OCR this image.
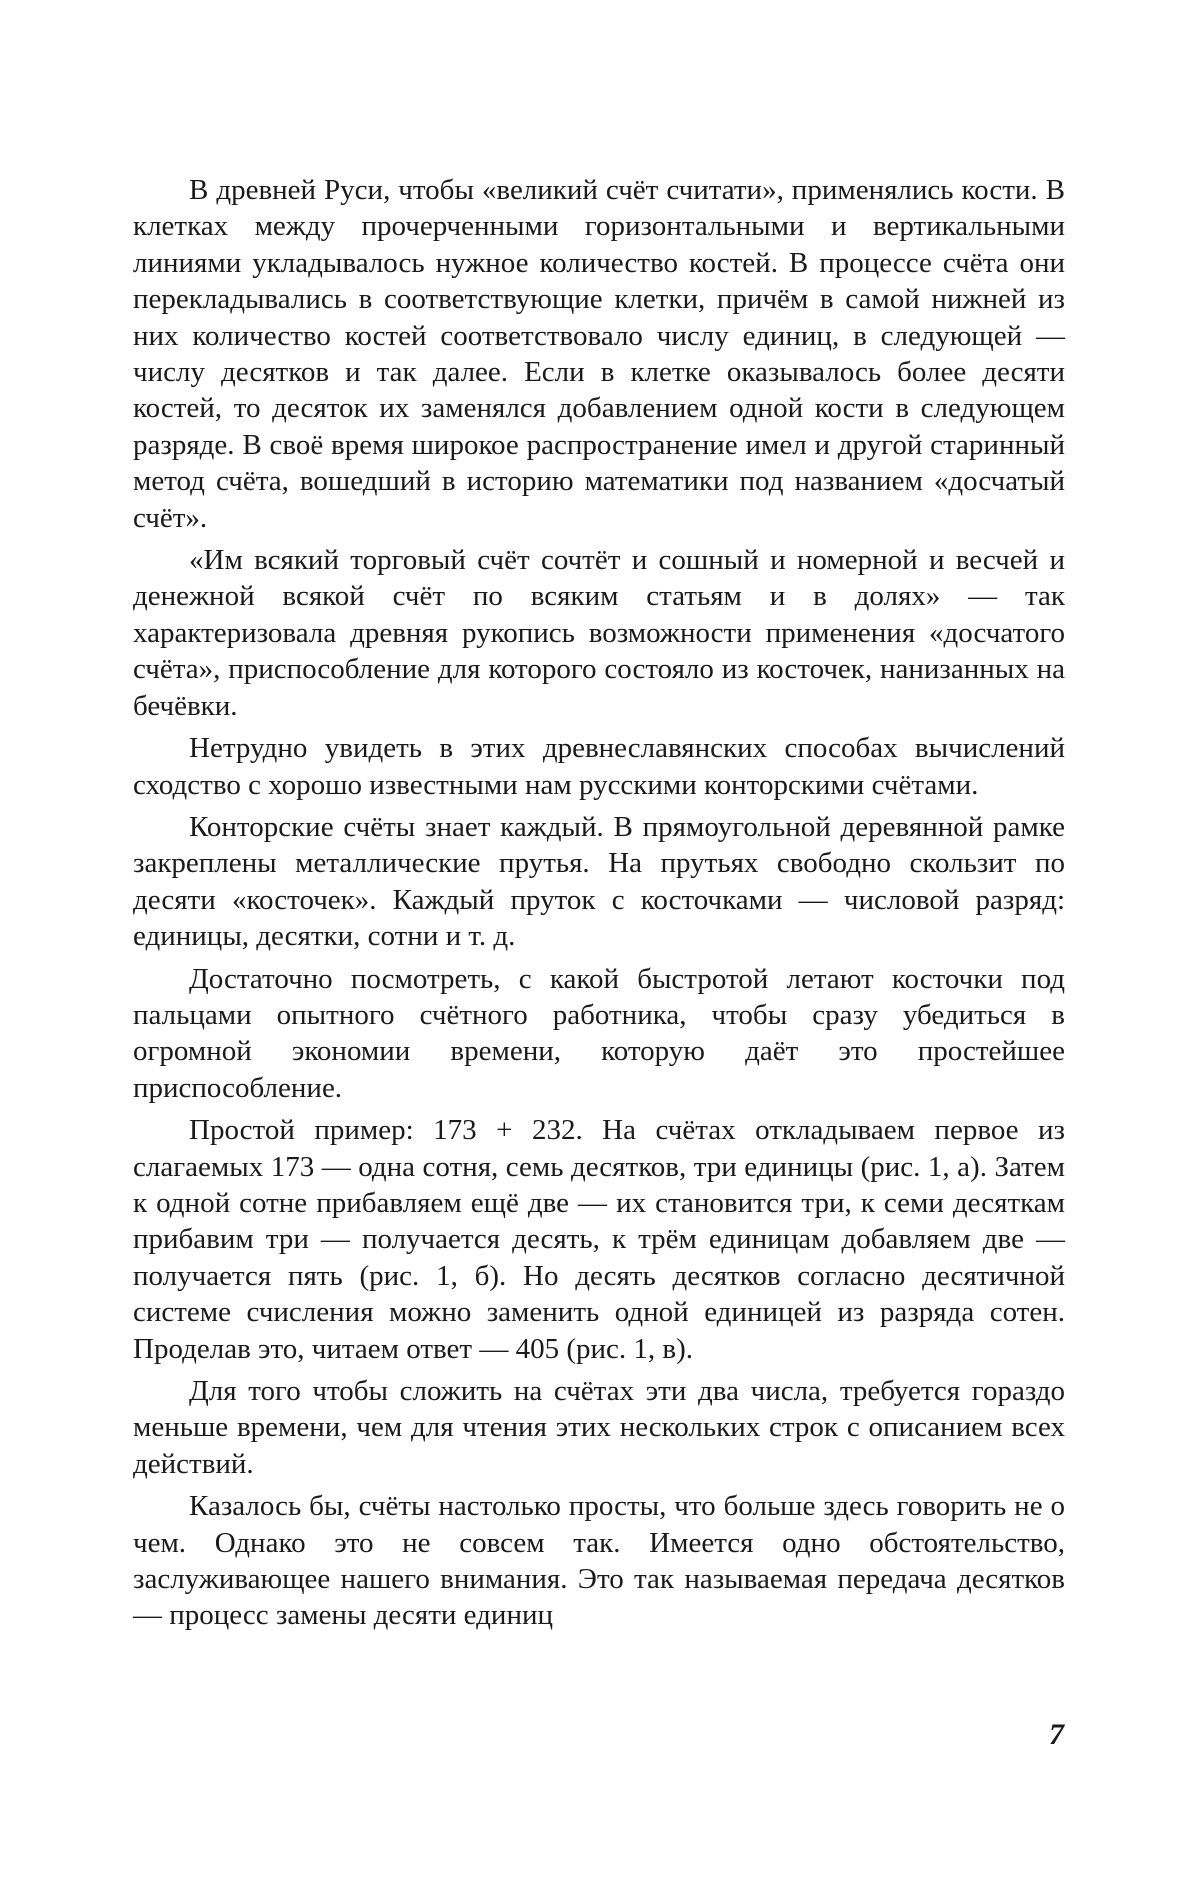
В древней Руси, чтобы «великий счёт считати», применялись кости. В клетках между прочерченными горизонтальными и вертикальными линиями укладывалось нужное количество костей. В процессе счёта они перекладывались в соответствующие клетки, причём в самой нижней из них количество костей соответствовало числу единиц, в следующей — числу десятков и так далее. Если в клетке оказывалось более десяти костей, то десяток их заменялся добавлением одной кости в следующем разряде. В своё время широкое распространение имел и другой старинный метод счёта, вошедший в историю математики под названием «досчатый счёт».

«Им всякий торговый счёт сочтёт и сошный и номерной и весчей и денежной всякой счёт по всяким статьям и в долях» — так характеризовала древняя рукопись возможности применения «досчатого счёта», приспособление для которого состояло из косточек, нанизанных на бечёвки.

Нетрудно увидеть в этих древнеславянских способах вычислений сходство с хорошо известными нам русскими конторскими счётами.

Конторские счёты знает каждый. В прямоугольной деревянной рамке закреплены металлические прутья. На прутьях свободно скользит по десяти «косточек». Каждый пруток с косточками — числовой разряд: единицы, десятки, сотни и т. д.

Достаточно посмотреть, с какой быстротой летают косточки под пальцами опытного счётного работника, чтобы сразу убедиться в огромной экономии времени, которую даёт это простейшее приспособление.

Простой пример: 173 + 232. На счётах откладываем первое из слагаемых 173 — одна сотня, семь десятков, три единицы (рис. 1, а). Затем к одной сотне прибавляем ещё две — их становится три, к семи десяткам прибавим три — получается десять, к трём единицам добавляем две — получается пять (рис. 1, б). Но десять десятков согласно десятичной системе счисления можно заменить одной единицей из разряда сотен. Проделав это, читаем ответ — 405 (рис. 1, в).

Для того чтобы сложить на счётах эти два числа, требуется гораздо меньше времени, чем для чтения этих нескольких строк с описанием всех действий.

Казалось бы, счёты настолько просты, что больше здесь говорить не о чем. Однако это не совсем так. Имеется одно обстоятельство, заслуживающее нашего внимания. Это так называемая передача десятков — процесс замены десяти единиц

7
